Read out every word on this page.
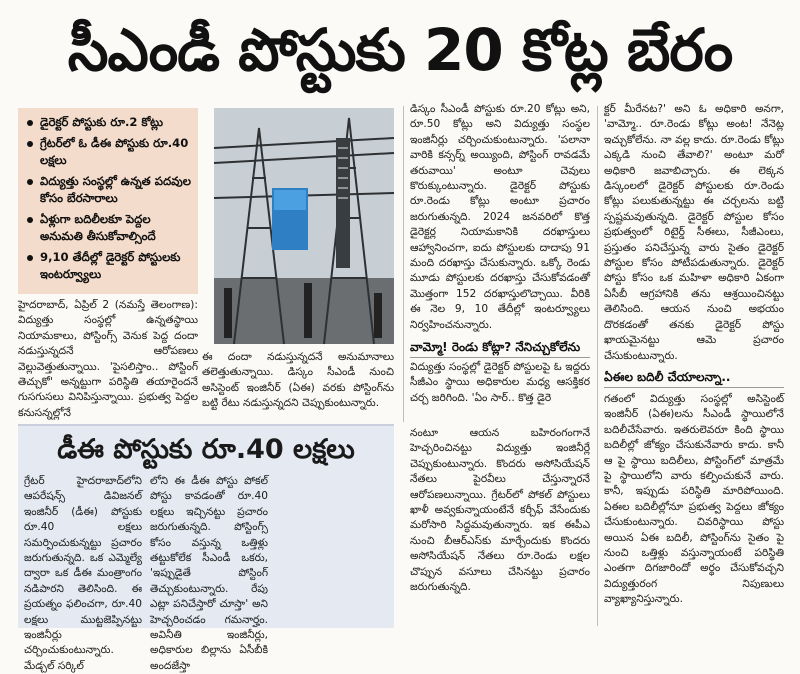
సీఎండీ పోస్టుకు 20 కోట్ల బేరం
డైరెక్టర్ పోస్టుకు రూ.2 కోట్లు
గ్రేటర్‌లో ఓ డీఈ పోస్టుకు రూ.40 లక్షలు
విద్యుత్తు సంస్థల్లో ఉన్నత పదవుల కోసం బేరసారాలు
ఏళ్లుగా బదిలీలకూ పెద్దల అనుమతి తీసుకోవాల్సిందే
9,10 తేదీల్లో డైరెక్టర్ పోస్టులకు ఇంటర్వ్యూలు

హైదరాబాద్, ఏప్రిల్ 2 (నమస్తే తెలంగాణ): విద్యుత్తు సంస్థల్లో ఉన్నతస్థాయి నియామకాలు, పోస్టింగ్స్ వెనుక పెద్ద దందా నడుస్తున్నదనే ఆరోపణలు వెల్లువెత్తుతున్నాయి. 'పైసలిస్తాం.. పోస్టింగ్ తెచ్చుకో' అన్నట్టుగా పరిస్థితి తయారైందనే గుసగుసలు వినిపిస్తున్నాయి. ప్రభుత్వ పెద్దల కనుసన్నల్లోనే

ఈ దందా నడుస్తున్నదనే అనుమానాలు తలెత్తుతున్నాయి. డిస్కం సీఎండీ నుంచి అసిస్టెంట్ ఇంజినీర్ (ఏఈ) వరకు పోస్టింగ్‌ను బట్టి రేటు నడుస్తున్నదని చెప్పుకుంటున్నారు.

డిస్కం సీఎండీ పోస్టుకు రూ.20 కోట్లు అని, రూ.50 కోట్లు అని విద్యుత్తు సంస్థల ఇంజినీర్లు చర్చించుకుంటున్నారు. 'పలానా వారికి కన్సర్న్ అయ్యింది, పోస్టింగ్ రావడమే తరువాయి' అంటూ చెవులు కొరుక్కుంటున్నారు. డైరెక్టర్ పోస్టుకు రూ.రెండు కోట్లు అంటూ ప్రచారం జరుగుతున్నది. 2024 జనవరిలో కొత్త డైరెక్టర్ల నియామకానికి దరఖాస్తులు ఆహ్వానించగా, ఐదు పోస్టులకు దాదాపు 91 మంది దరఖాస్తు చేసుకున్నారు. ఒక్కో రెండు మూడు పోస్టులకు దరఖాస్తు చేసుకోవడంతో మొత్తంగా 152 దరఖాస్తులొచ్చాయి. వీరికి ఈ నెల 9, 10 తేదీల్లో ఇంటర్వ్యూలు నిర్వహించనున్నారు.

వామ్మో! రెండు కోట్లా? నేనిచ్చుకోలేను

విద్యుత్తు సంస్థల్లో డైరెక్టర్ పోస్టులపై ఓ ఇద్దరు సీజీఎం స్థాయి అధికారుల మధ్య ఆసక్తికర చర్చ జరిగింది. 'ఏం సార్.. కొత్త డైరె

క్టర్ మీరేనట?' అని ఓ అధికారి అనగా, 'వామ్మో.. రూ.రెండు కోట్లు అంట! నేనెట్ల ఇచ్చుకోలేను. నా వల్ల కాదు. రూ.రెండు కోట్లు ఎక్కడి నుంచి తేవాలి?' అంటూ మరో అధికారి జవాబిచ్చారు. ఈ లెక్కన డిస్కంలలో డైరెక్టర్ పోస్టులకు రూ.రెండు కోట్లు పలుకుతున్నట్టు ఈ చర్చలను బట్టి స్పష్టమవుతున్నది. డైరెక్టర్ పోస్టుల కోసం ప్రభుత్వంలో రిటైర్డ్ సీఈలు, సీజీఎంలు, ప్రస్తుతం పనిచేస్తున్న వారు సైతం డైరెక్టర్ పోస్టుల కోసం పోటీపడుతున్నారు. డైరెక్టర్ పోస్టు కోసం ఒక మహిళా అధికారి ఏకంగా ఏసీబీ ఆగ్రహానికి తను ఆశ్రయించినట్టు తెలిసింది. ఆయన నుంచి అభయం దొరకడంతో తనకు డైరెక్టర్ పోస్టు ఖాయమైనట్టు ఆమె ప్రచారం చేసుకుంటున్నారు.

ఏఈల బదిలీ చేయాలన్నా..

గతంలో విద్యుత్తు సంస్థల్లో అసిస్టెంట్ ఇంజినీర్ (ఏఈ)లను సీఎండీ స్థాయిలోనే బదిలీచేసేవారు. ఇతరులెవరూ కింది స్థాయి బదిలీల్లో జోక్యం చేసుకునేవారు కాదు. కానీ ఆ పై స్థాయి బదిలీలు, పోస్టింగ్‌లో మాత్రమే పై స్థాయిలోని వారు కల్పించుకునే వారు. కానీ, ఇప్పుడు పరిస్థితి మారిపోయింది. ఏఈల బదిలీల్లోనూ ప్రభుత్వ పెద్దలు జోక్యం చేసుకుంటున్నారు. చివరిస్థాయి పోస్టు అయిన ఏఈ బదిలీ, పోస్టింగ్‌ను సైతం పై నుంచి ఒత్తిళ్లు వస్తున్నాయంటే పరిస్థితి ఎంతగా దిగజారిందో అర్థం చేసుకోవచ్చని విద్యుత్తురంగ నిపుణులు వ్యాఖ్యానిస్తున్నారు.

డీఈ పోస్టుకు రూ.40 లక్షలు

గ్రేటర్ హైదరాబాద్‌లోని ఆపరేషన్స్ డివిజనల్ ఇంజినీర్ (డీఈ) పోస్టుకు రూ.40 లక్షలు సమర్పించుకున్నట్టు ప్రచారం జరుగుతున్నది. ఒక ఎమ్మెల్యే ద్వారా ఒక డీఈ మంత్రాంగం నడిపారని తెలిసింది. ఈ ప్రయత్నం ఫలించగా, రూ.40 లక్షలు ముట్టజెప్పినట్టు ఇంజినీర్లు చర్చించుకుంటున్నారు. మేడ్చల్ సర్కిల్

లోని ఈ డీఈ పోస్టు పోకల్ పోస్టు కావడంతో రూ.40 లక్షలు ఇచ్చినట్టు ప్రచారం జరుగుతున్నది. పోస్టింగ్స్ కోసం వస్తున్న ఒత్తిళ్లు తట్టుకోలేక సీఎండీ ఒకరు, 'ఇప్పుడైతే పోస్టింగ్ తెచ్చుకుంటున్నారు. రేపు ఎట్లా పనిచేస్తారో చూస్తా' అని హెచ్చరించడం గమనార్హం. అవినీతి ఇంజినీర్లు, అధికారుల బిల్లాను ఏసీబీకి అందజేస్తా

నంటూ ఆయన బహిరంగంగానే హెచ్చరించినట్టు విద్యుత్తు ఇంజినీర్లే చెప్పుకుంటున్నారు. కొందరు అసోసియేషన్ నేతలు పైరవీలు చేస్తున్నారనే ఆరోపణలున్నాయి. గ్రేటర్‌లో పోకల్ పోస్టులు ఖాళీ అవ్వకున్నాయంటేనే కర్చీఫ్ వేసేందుకు మరోసారి సిద్ధమవుతున్నారు. ఇక ఈపీఎ నుంచి బీఆర్‌ఎస్‌కు మార్చేందుకు కొందరు అసోసియేషన్ నేతలు రూ.రెండు లక్షల చొప్పున వసూలు చేసినట్టు ప్రచారం జరుగుతున్నది.
